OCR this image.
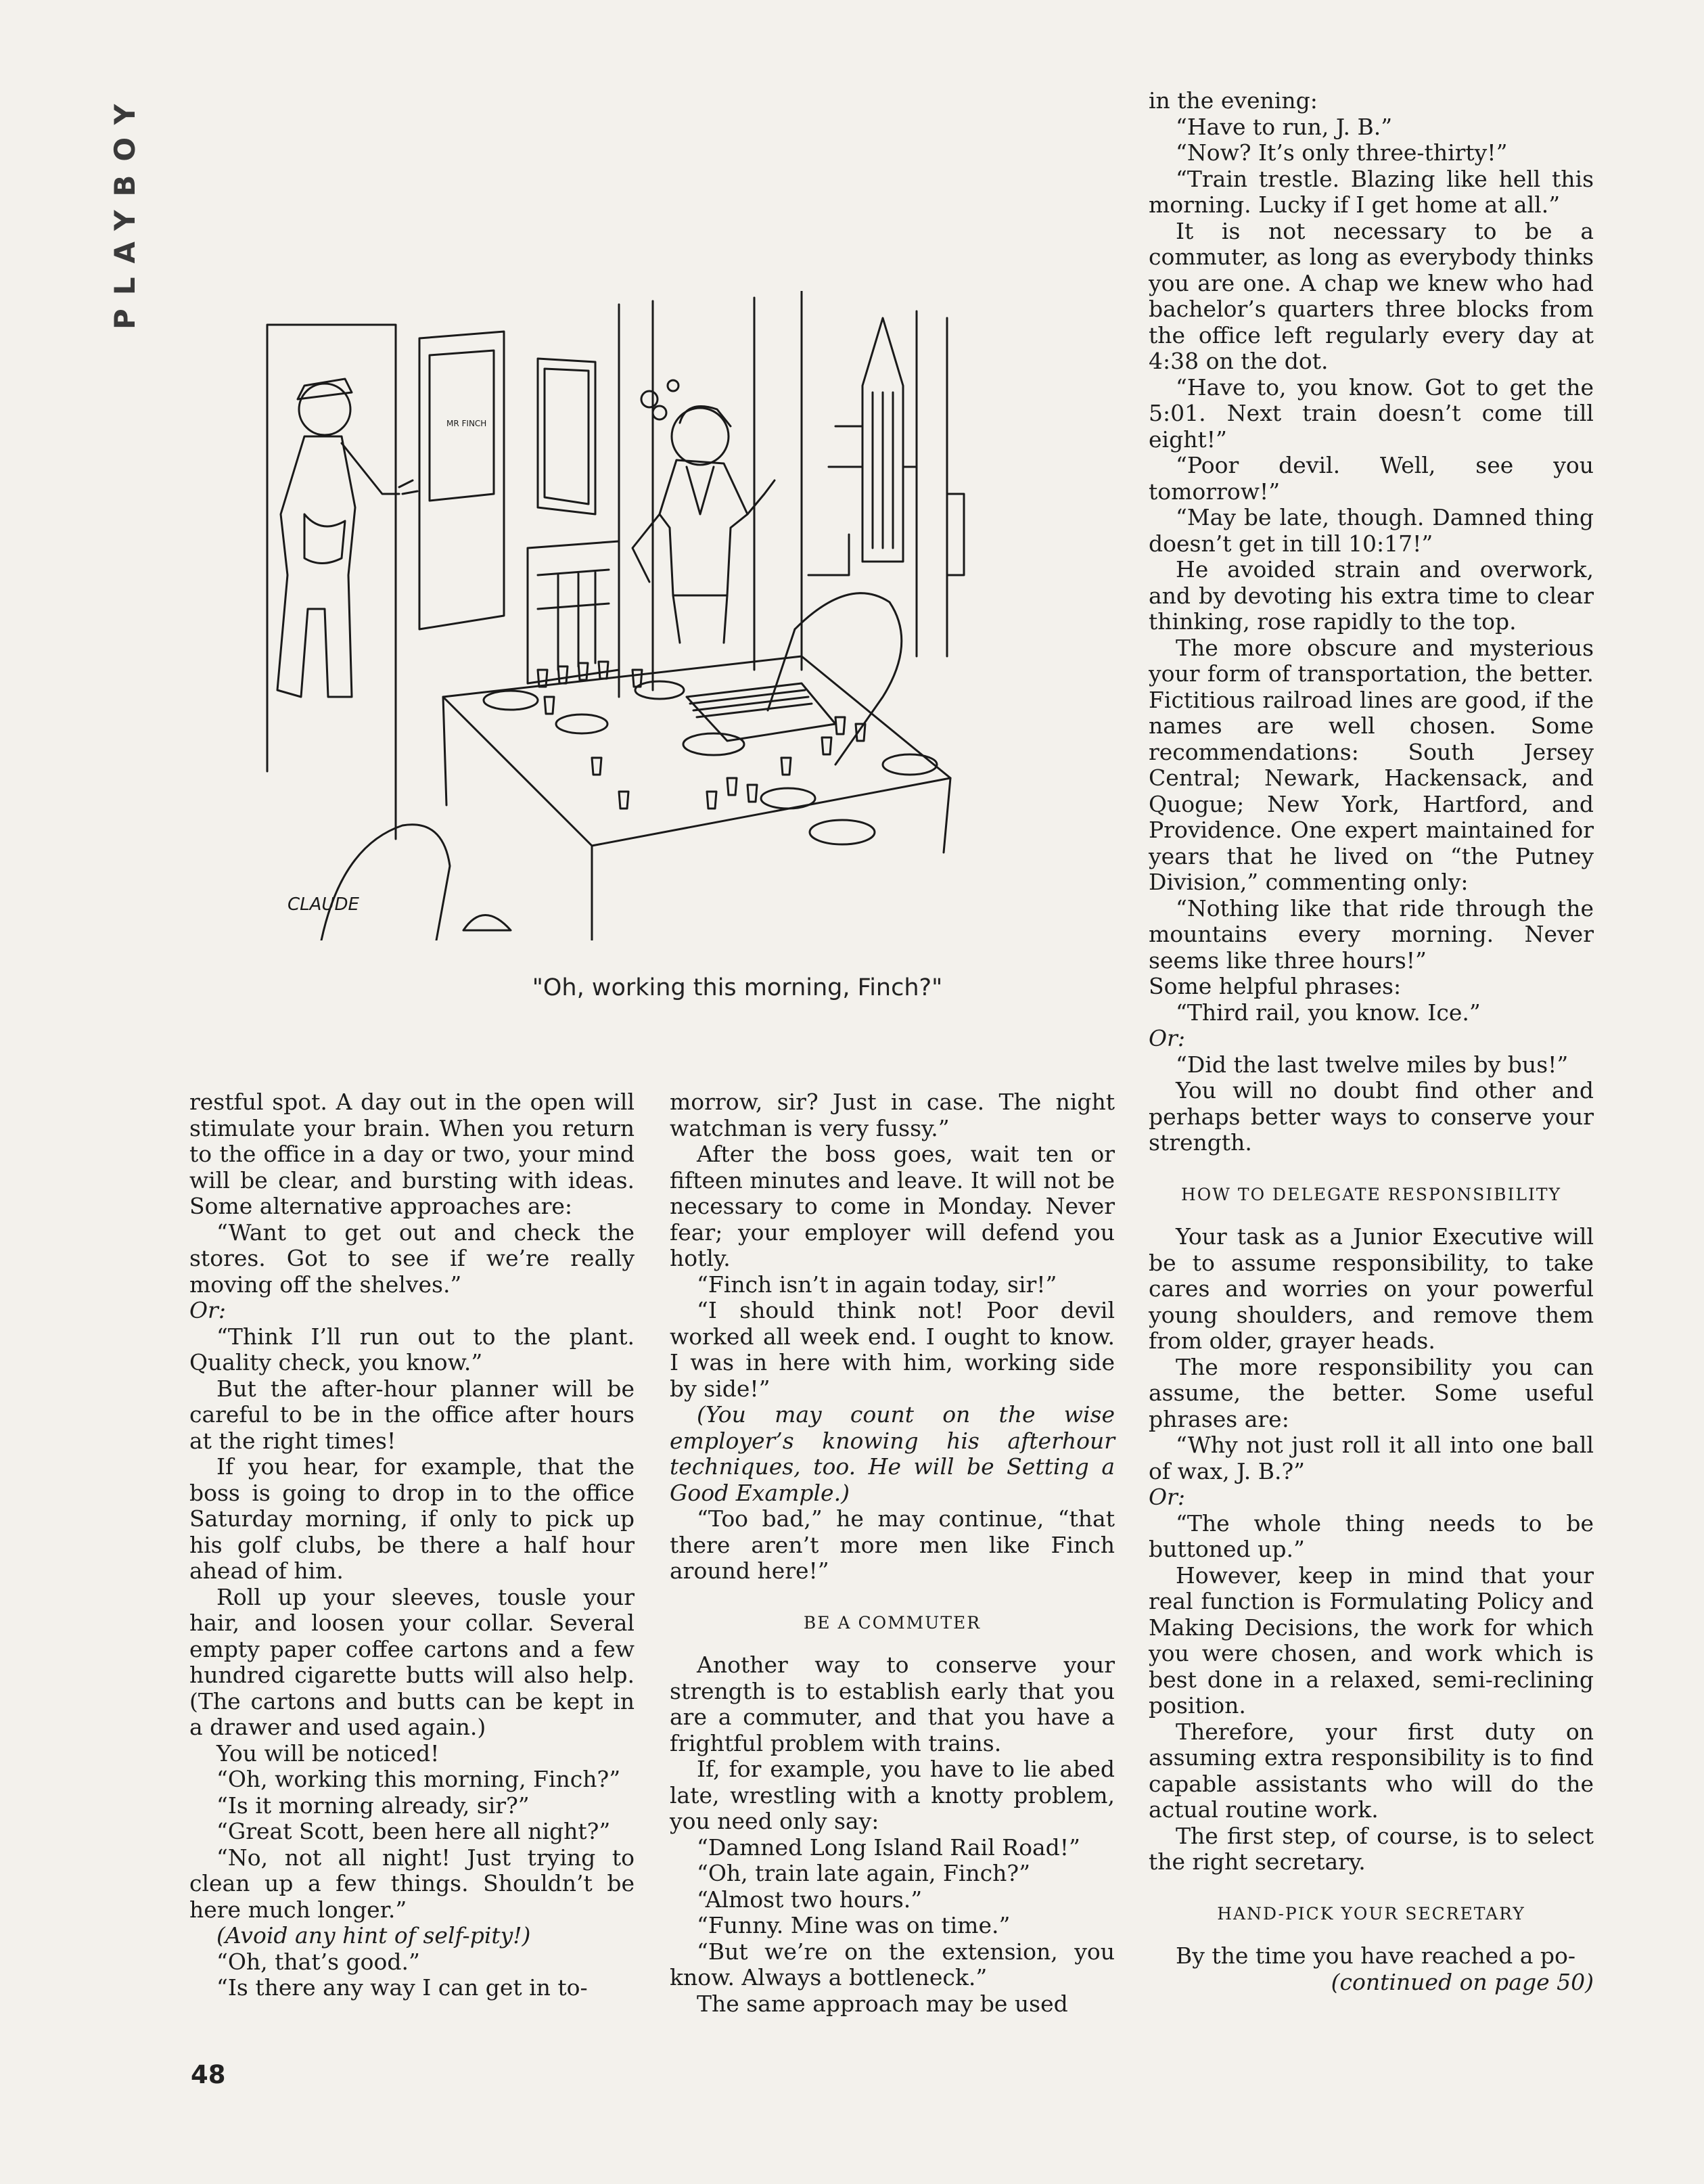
PLAYBOY
MR FINCH
CLAUDE
"Oh, working this morning, Finch?"

restful spot. A day out in the open will stimulate your brain. When you return to the office in a day or two, your mind will be clear, and bursting with ideas. Some alternative approaches are:

“Want to get out and check the stores. Got to see if we’re really moving off the shelves.”

Or:

“Think I’ll run out to the plant. Quality check, you know.”

But the after-hour planner will be careful to be in the office after hours at the right times!

If you hear, for example, that the boss is going to drop in to the office Saturday morning, if only to pick up his golf clubs, be there a half hour ahead of him.

Roll up your sleeves, tousle your hair, and loosen your collar. Several empty paper coffee cartons and a few hundred cigarette butts will also help. (The cartons and butts can be kept in a drawer and used again.)

You will be noticed!

“Oh, working this morning, Finch?”

“Is it morning already, sir?”

“Great Scott, been here all night?”

“No, not all night! Just trying to clean up a few things. Shouldn’t be here much longer.”

(Avoid any hint of self-pity!)

“Oh, that’s good.”

“Is there any way I can get in to-

morrow, sir? Just in case. The night watchman is very fussy.”

After the boss goes, wait ten or fifteen minutes and leave. It will not be necessary to come in Monday. Never fear; your employer will defend you hotly.

“Finch isn’t in again today, sir!”

“I should think not! Poor devil worked all week end. I ought to know. I was in here with him, working side by side!”

(You may count on the wise employer’s knowing his afterhour techniques, too. He will be Setting a Good Example.)

“Too bad,” he may continue, “that there aren’t more men like Finch around here!”

BE A COMMUTER

Another way to conserve your strength is to establish early that you are a commuter, and that you have a frightful problem with trains.

If, for example, you have to lie abed late, wrestling with a knotty problem, you need only say:

“Damned Long Island Rail Road!”

“Oh, train late again, Finch?”

“Almost two hours.”

“Funny. Mine was on time.”

“But we’re on the extension, you know. Always a bottleneck.”

The same approach may be used

in the evening:

“Have to run, J. B.”

“Now? It’s only three-thirty!”

“Train trestle. Blazing like hell this morning. Lucky if I get home at all.”

It is not necessary to be a commuter, as long as everybody thinks you are one. A chap we knew who had bachelor’s quarters three blocks from the office left regularly every day at 4:38 on the dot.

“Have to, you know. Got to get the 5:01. Next train doesn’t come till eight!”

“Poor devil. Well, see you tomorrow!”

“May be late, though. Damned thing doesn’t get in till 10:17!”

He avoided strain and overwork, and by devoting his extra time to clear thinking, rose rapidly to the top.

The more obscure and mysterious your form of transportation, the better. Fictitious railroad lines are good, if the names are well chosen. Some recommendations: South Jersey Central; Newark, Hackensack, and Quogue; New York, Hartford, and Providence. One expert maintained for years that he lived on “the Putney Division,” commenting only:

“Nothing like that ride through the mountains every morning. Never seems like three hours!”

Some helpful phrases:

“Third rail, you know. Ice.”

Or:

“Did the last twelve miles by bus!”

You will no doubt find other and perhaps better ways to conserve your strength.

HOW TO DELEGATE RESPONSIBILITY

Your task as a Junior Executive will be to assume responsibility, to take cares and worries on your powerful young shoulders, and remove them from older, grayer heads.

The more responsibility you can assume, the better. Some useful phrases are:

“Why not just roll it all into one ball of wax, J. B.?”

Or:

“The whole thing needs to be buttoned up.”

However, keep in mind that your real function is Formulating Policy and Making Decisions, the work for which you were chosen, and work which is best done in a relaxed, semi-reclining position.

Therefore, your first duty on assuming extra responsibility is to find capable assistants who will do the actual routine work.

The first step, of course, is to select the right secretary.

HAND-PICK YOUR SECRETARY

By the time you have reached a po-

(continued on page 50)

48
